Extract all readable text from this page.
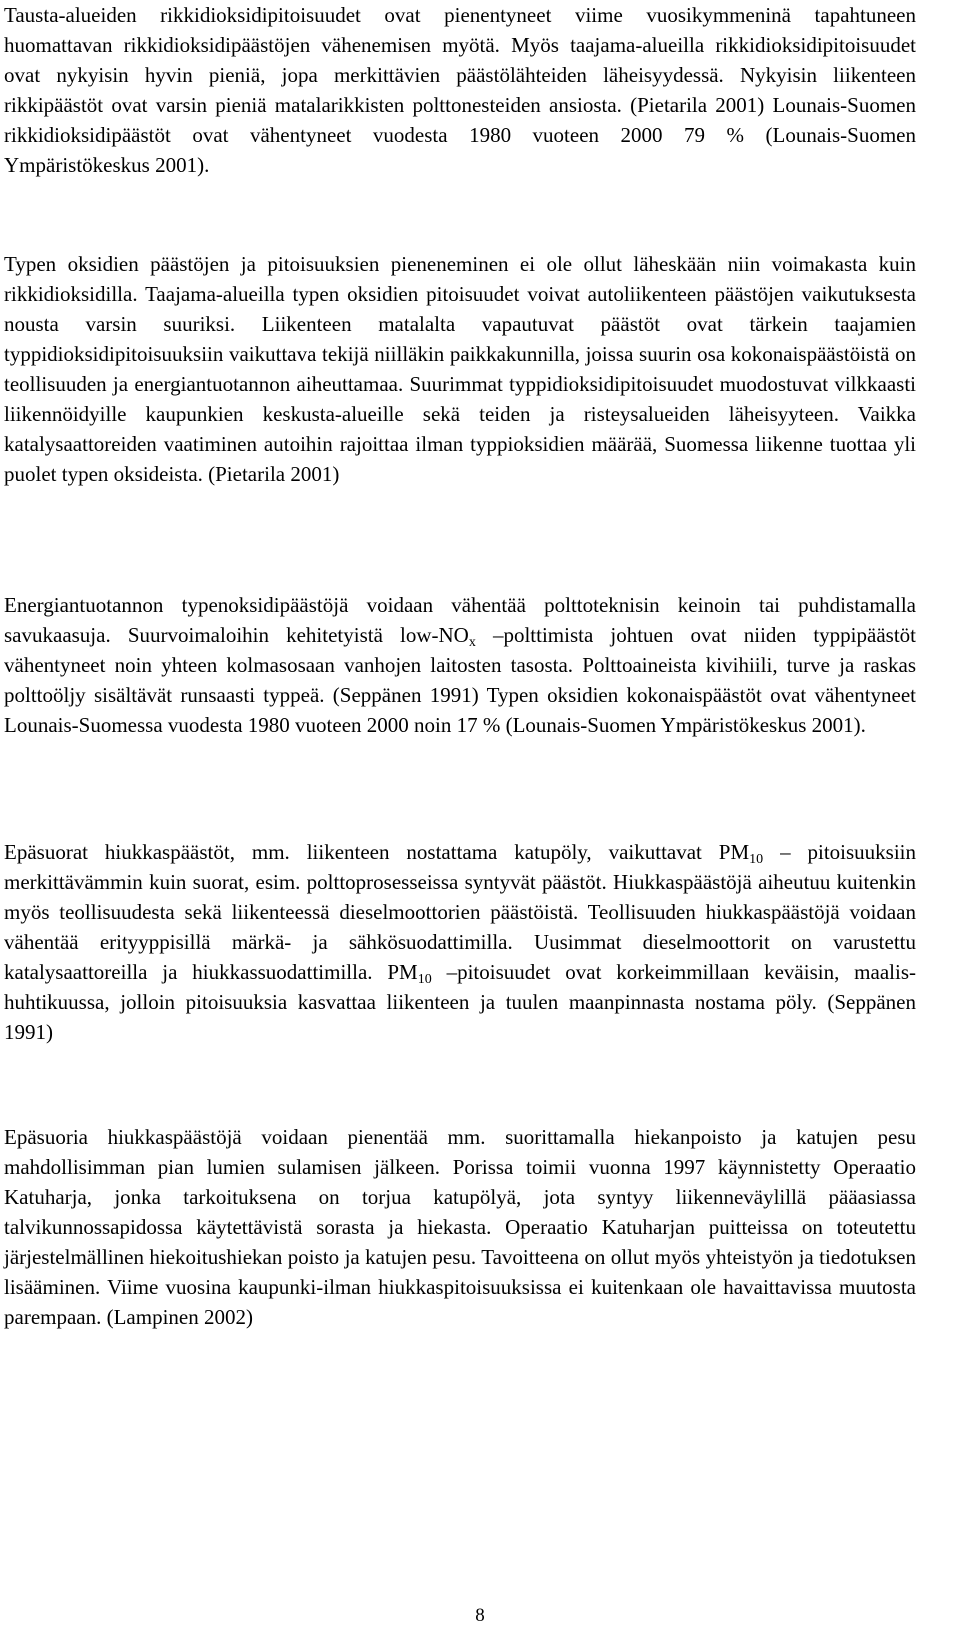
Tausta-alueiden rikkidioksidipitoisuudet ovat pienentyneet viime vuosikymmeninä tapahtuneen huomattavan rikkidioksidipäästöjen vähenemisen myötä. Myös taajama-alueilla rikkidioksidipitoisuudet ovat nykyisin hyvin pieniä, jopa merkittävien päästölähteiden läheisyydessä. Nykyisin liikenteen rikkipäästöt ovat varsin pieniä matalarikkisten polttonesteiden ansiosta. (Pietarila 2001) Lounais-Suomen rikkidioksidipäästöt ovat vähentyneet vuodesta 1980 vuoteen 2000 79 % (Lounais-Suomen Ympäristökeskus 2001).

Typen oksidien päästöjen ja pitoisuuksien pieneneminen ei ole ollut läheskään niin voimakasta kuin rikkidioksidilla. Taajama-alueilla typen oksidien pitoisuudet voivat autoliikenteen päästöjen vaikutuksesta nousta varsin suuriksi. Liikenteen matalalta vapautuvat päästöt ovat tärkein taajamien typpidioksidipitoisuuksiin vaikuttava tekijä niilläkin paikkakunnilla, joissa suurin osa kokonaispäästöistä on teollisuuden ja energiantuotannon aiheuttamaa. Suurimmat typpidioksidipitoisuudet muodostuvat vilkkaasti liikennöidyille kaupunkien keskusta-alueille sekä teiden ja risteysalueiden läheisyyteen. Vaikka katalysaattoreiden vaatiminen autoihin rajoittaa ilman typpioksidien määrää, Suomessa liikenne tuottaa yli puolet typen oksideista. (Pietarila 2001)

Energiantuotannon typenoksidipäästöjä voidaan vähentää polttoteknisin keinoin tai puhdistamalla savukaasuja. Suurvoimaloihin kehitetyistä low-$NO_x$ –polttimista johtuen ovat niiden typpipäästöt vähentyneet noin yhteen kolmasosaan vanhojen laitosten tasosta. Polttoaineista kivihiili, turve ja raskas polttoöljy sisältävät runsaasti typpeä. (Seppänen 1991) Typen oksidien kokonaispäästöt ovat vähentyneet Lounais-Suomessa vuodesta 1980 vuoteen 2000 noin 17 % (Lounais-Suomen Ympäristökeskus 2001).

Epäsuorat hiukkaspäästöt, mm. liikenteen nostattama katupöly, vaikuttavat $PM_{10}$ – pitoisuuksiin merkittävämmin kuin suorat, esim. polttoprosesseissa syntyvät päästöt. Hiukkaspäästöjä aiheutuu kuitenkin myös teollisuudesta sekä liikenteessä dieselmoottorien päästöistä. Teollisuuden hiukkaspäästöjä voidaan vähentää erityyppisillä märkä- ja sähkösuodattimilla. Uusimmat dieselmoottorit on varustettu katalysaattoreilla ja hiukkassuodattimilla. $PM_{10}$ –pitoisuudet ovat korkeimmillaan keväisin, maalis-huhtikuussa, jolloin pitoisuuksia kasvattaa liikenteen ja tuulen maanpinnasta nostama pöly. (Seppänen 1991)

Epäsuoria hiukkaspäästöjä voidaan pienentää mm. suorittamalla hiekanpoisto ja katujen pesu mahdollisimman pian lumien sulamisen jälkeen. Porissa toimii vuonna 1997 käynnistetty Operaatio Katuharja, jonka tarkoituksena on torjua katupölyä, jota syntyy liikenneväylillä pääasiassa talvikunnossapidossa käytettävistä sorasta ja hiekasta. Operaatio Katuharjan puitteissa on toteutettu järjestelmällinen hiekoitushiekan poisto ja katujen pesu. Tavoitteena on ollut myös yhteistyön ja tiedotuksen lisääminen. Viime vuosina kaupunki-ilman hiukkaspitoisuuksissa ei kuitenkaan ole havaittavissa muutosta parempaan. (Lampinen 2002)

8
